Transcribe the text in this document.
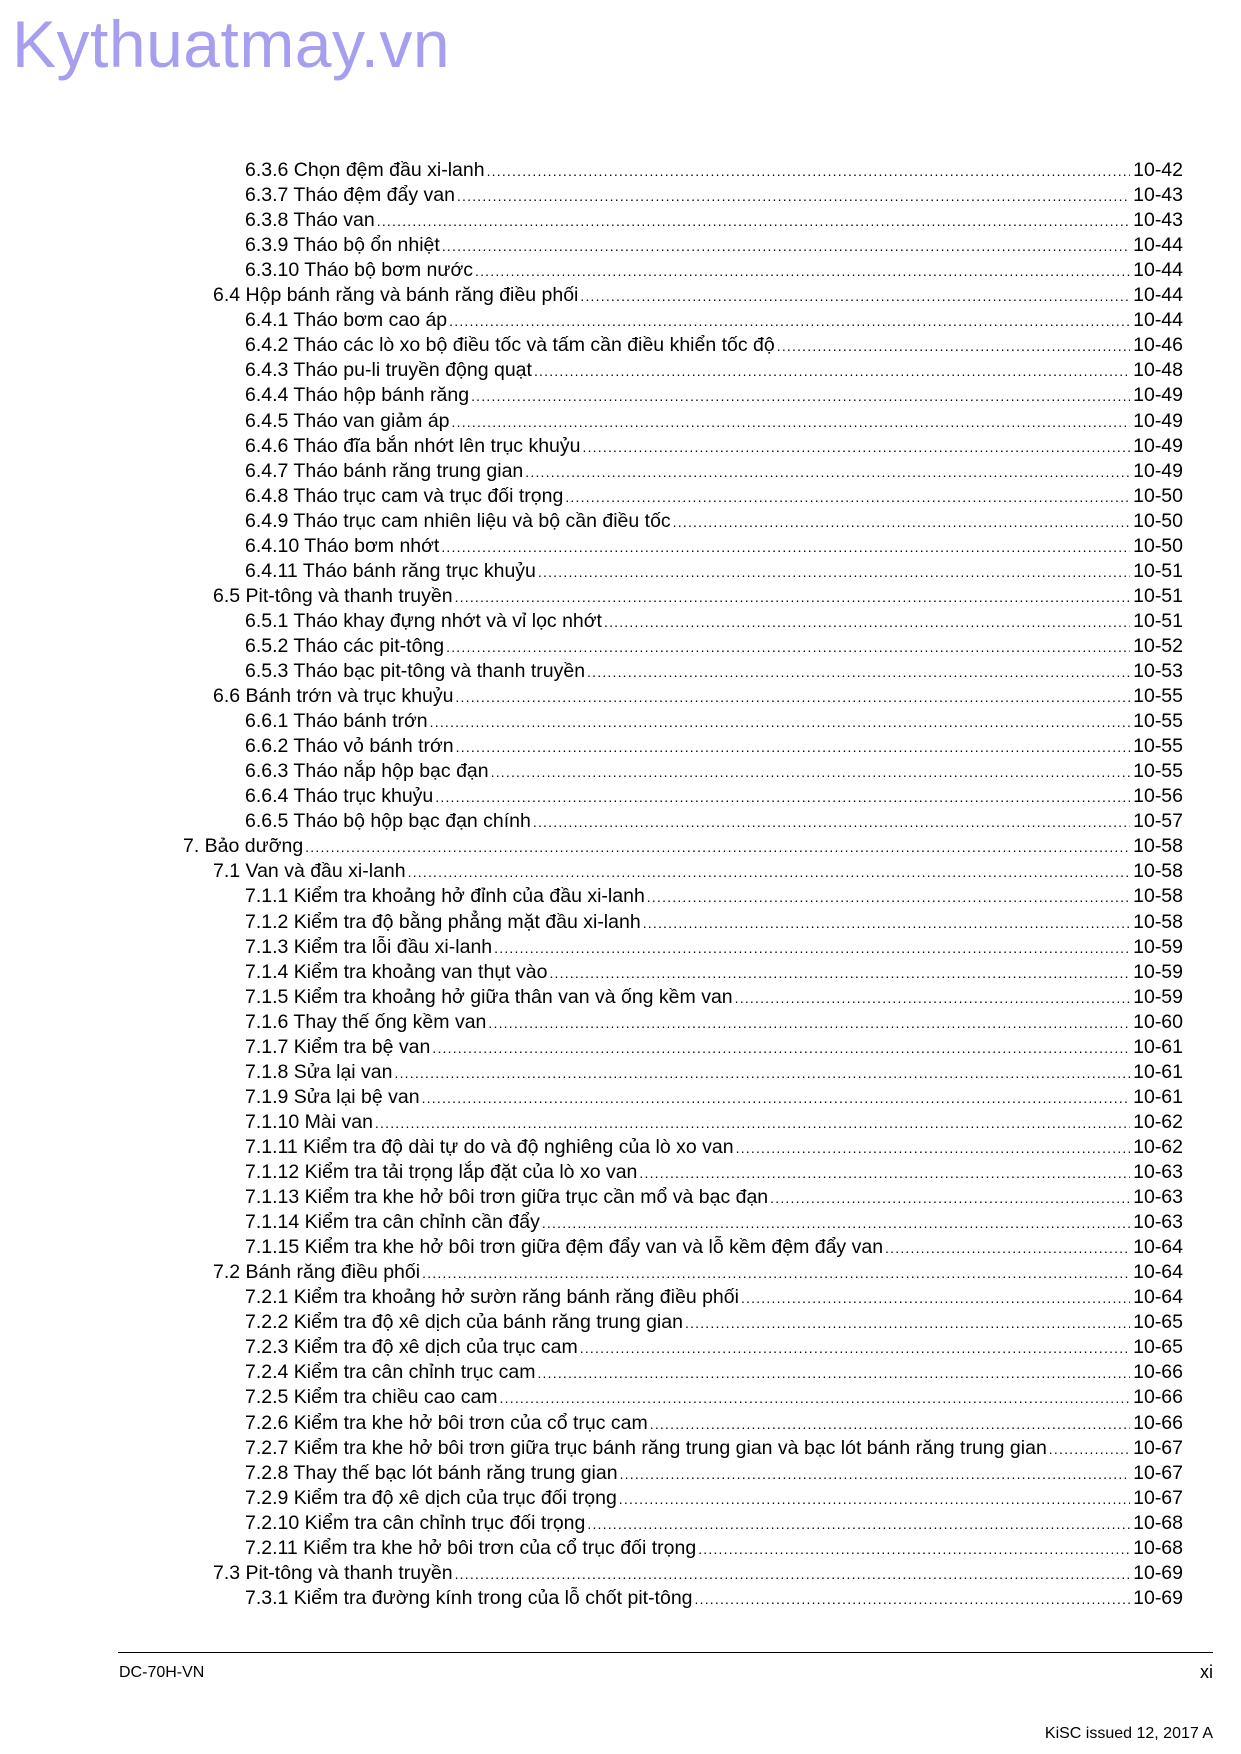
Kythuatmay.vn
6.3.6 Chọn đệm đầu xi-lanh .....	10-42
6.3.7 Tháo đệm đẩy van .....	10-43
6.3.8 Tháo van .....	10-43
6.3.9 Tháo bộ ổn nhiệt .....	10-44
6.3.10 Tháo bộ bơm nước .....	10-44
6.4 Hộp bánh răng và bánh răng điều phối .....	10-44
6.4.1 Tháo bơm cao áp .....	10-44
6.4.2 Tháo các lò xo bộ điều tốc và tấm cần điều khiển tốc độ .....	10-46
6.4.3 Tháo pu-li truyền động quạt .....	10-48
6.4.4 Tháo hộp bánh răng .....	10-49
6.4.5 Tháo van giảm áp .....	10-49
6.4.6 Tháo đĩa bắn nhớt lên trục khuỷu .....	10-49
6.4.7 Tháo bánh răng trung gian .....	10-49
6.4.8 Tháo trục cam và trục đối trọng .....	10-50
6.4.9 Tháo trục cam nhiên liệu và bộ cần điều tốc .....	10-50
6.4.10 Tháo bơm nhớt .....	10-50
6.4.11 Tháo bánh răng trục khuỷu .....	10-51
6.5 Pit-tông và thanh truyền .....	10-51
6.5.1 Tháo khay đựng nhớt và vỉ lọc nhớt .....	10-51
6.5.2 Tháo các pit-tông .....	10-52
6.5.3 Tháo bạc pit-tông và thanh truyền .....	10-53
6.6 Bánh trớn và trục khuỷu .....	10-55
6.6.1 Tháo bánh trớn .....	10-55
6.6.2 Tháo vỏ bánh trớn .....	10-55
6.6.3 Tháo nắp hộp bạc đạn .....	10-55
6.6.4 Tháo trục khuỷu .....	10-56
6.6.5 Tháo bộ hộp bạc đạn chính .....	10-57
7. Bảo dưỡng .....	10-58
7.1 Van và đầu xi-lanh .....	10-58
7.1.1 Kiểm tra khoảng hở đỉnh của đầu xi-lanh .....	10-58
7.1.2 Kiểm tra độ bằng phẳng mặt đầu xi-lanh .....	10-58
7.1.3 Kiểm tra lỗi đầu xi-lanh .....	10-59
7.1.4 Kiểm tra khoảng van thụt vào .....	10-59
7.1.5 Kiểm tra khoảng hở giữa thân van và ống kềm van .....	10-59
7.1.6 Thay thế ống kềm van .....	10-60
7.1.7 Kiểm tra bệ van .....	10-61
7.1.8 Sửa lại van .....	10-61
7.1.9 Sửa lại bệ van .....	10-61
7.1.10 Mài van .....	10-62
7.1.11 Kiểm tra độ dài tự do và độ nghiêng của lò xo van .....	10-62
7.1.12 Kiểm tra tải trọng lắp đặt của lò xo van .....	10-63
7.1.13 Kiểm tra khe hở bôi trơn giữa trục cần mổ và bạc đạn .....	10-63
7.1.14 Kiểm tra cân chỉnh cần đẩy .....	10-63
7.1.15 Kiểm tra khe hở bôi trơn giữa đệm đẩy van và lỗ kềm đệm đẩy van .....	10-64
7.2 Bánh răng điều phối .....	10-64
7.2.1 Kiểm tra khoảng hở sườn răng bánh răng điều phối .....	10-64
7.2.2 Kiểm tra độ xê dịch của bánh răng trung gian .....	10-65
7.2.3 Kiểm tra độ xê dịch của trục cam .....	10-65
7.2.4 Kiểm tra cân chỉnh trục cam .....	10-66
7.2.5 Kiểm tra chiều cao cam .....	10-66
7.2.6 Kiểm tra khe hở bôi trơn của cổ trục cam .....	10-66
7.2.7 Kiểm tra khe hở bôi trơn giữa trục bánh răng trung gian và bạc lót bánh răng trung gian .....	10-67
7.2.8 Thay thế bạc lót bánh răng trung gian .....	10-67
7.2.9 Kiểm tra độ xê dịch của trục đối trọng .....	10-67
7.2.10 Kiểm tra cân chỉnh trục đối trọng .....	10-68
7.2.11 Kiểm tra khe hở bôi trơn của cổ trục đối trọng .....	10-68
7.3 Pit-tông và thanh truyền .....	10-69
7.3.1 Kiểm tra đường kính trong của lỗ chốt pit-tông .....	10-69
DC-70H-VN	xi
KiSC issued 12, 2017 A
